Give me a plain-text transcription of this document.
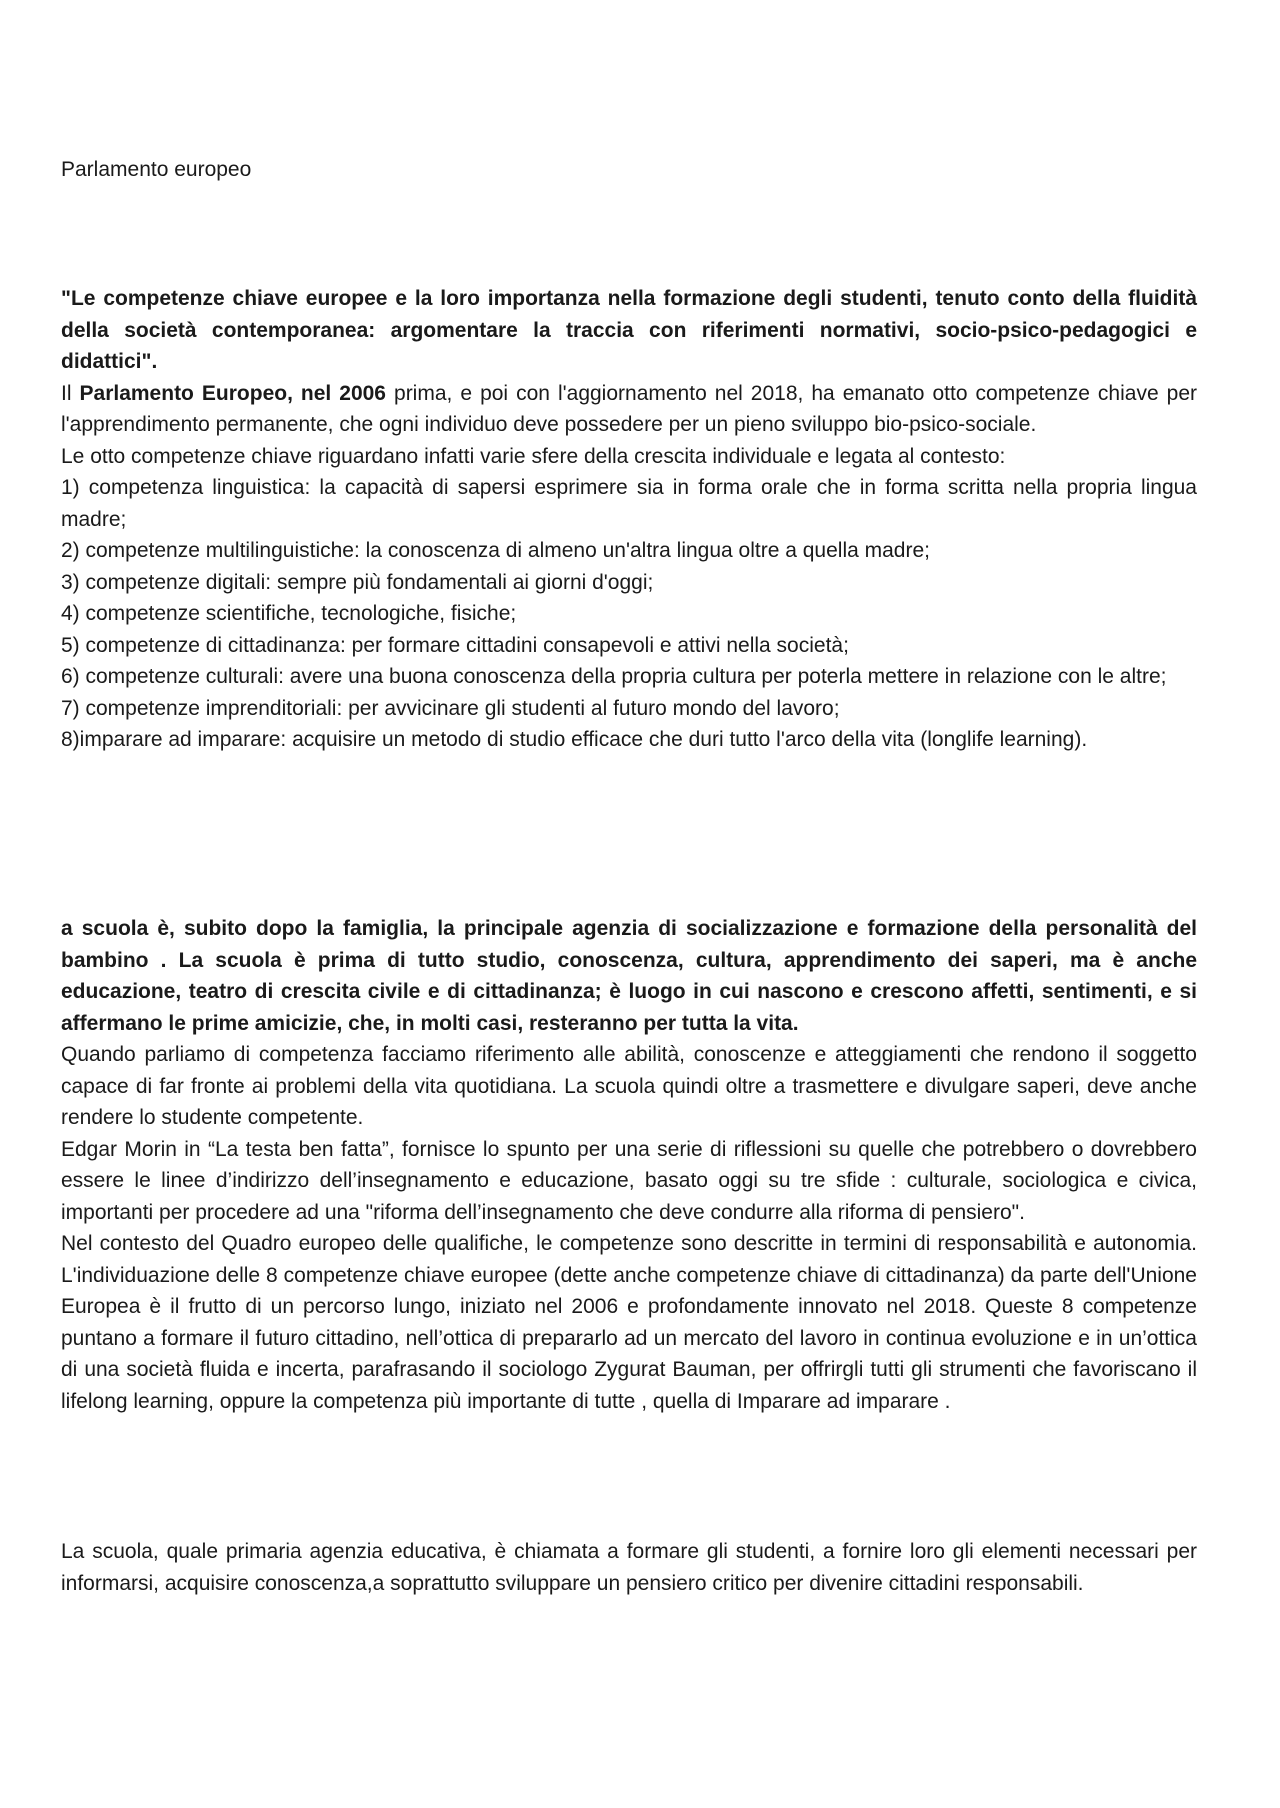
Parlamento europeo

"Le competenze chiave europee e la loro importanza nella formazione degli studenti, tenuto conto della fluidità della società contemporanea: argomentare la traccia con riferimenti normativi, socio-psico-pedagogici e didattici".

Il Parlamento Europeo, nel 2006 prima, e poi con l'aggiornamento nel 2018, ha emanato otto competenze chiave per l'apprendimento permanente, che ogni individuo deve possedere per un pieno sviluppo bio-psico-sociale.

Le otto competenze chiave riguardano infatti varie sfere della crescita individuale e legata al contesto:

1) competenza linguistica: la capacità di sapersi esprimere sia in forma orale che in forma scritta nella propria lingua madre;
2) competenze multilinguistiche: la conoscenza di almeno un'altra lingua oltre a quella madre;
3) competenze digitali: sempre più fondamentali ai giorni d'oggi;
4) competenze scientifiche, tecnologiche, fisiche;
5) competenze di cittadinanza: per formare cittadini consapevoli e attivi nella società;
6) competenze culturali: avere una buona conoscenza della propria cultura per poterla mettere in relazione con le altre;
7) competenze imprenditoriali: per avvicinare gli studenti al futuro mondo del lavoro;
8)imparare ad imparare: acquisire un metodo di studio efficace che duri tutto l'arco della vita (longlife learning).

a scuola è, subito dopo la famiglia, la principale agenzia di socializzazione e formazione della personalità del bambino . La scuola è prima di tutto studio, conoscenza, cultura, apprendimento dei saperi, ma è anche educazione, teatro di crescita civile e di cittadinanza; è luogo in cui nascono e crescono affetti, sentimenti, e si affermano le prime amicizie, che, in molti casi, resteranno per tutta la vita.

Quando parliamo di competenza facciamo riferimento alle abilità, conoscenze e atteggiamenti che rendono il soggetto capace di far fronte ai problemi della vita quotidiana. La scuola quindi oltre a trasmettere e divulgare saperi, deve anche rendere lo studente competente.

Edgar Morin in “La testa ben fatta”, fornisce lo spunto per una serie di riflessioni su quelle che potrebbero o dovrebbero essere le linee d’indirizzo dell’insegnamento e educazione, basato oggi su tre sfide : culturale, sociologica e civica, importanti per procedere ad una "riforma dell’insegnamento che deve condurre alla riforma di pensiero".

Nel contesto del Quadro europeo delle qualifiche, le competenze sono descritte in termini di responsabilità e autonomia. L'individuazione delle 8 competenze chiave europee (dette anche competenze chiave di cittadinanza) da parte dell'Unione Europea è il frutto di un percorso lungo, iniziato nel 2006 e profondamente innovato nel 2018. Queste 8 competenze puntano a formare il futuro cittadino, nell’ottica di prepararlo ad un mercato del lavoro in continua evoluzione e in un’ottica di una società fluida e incerta, parafrasando il sociologo Zygurat Bauman, per offrirgli tutti gli strumenti che favoriscano il lifelong learning, oppure la competenza più importante di tutte , quella di Imparare ad imparare .

La scuola, quale primaria agenzia educativa, è chiamata a formare gli studenti, a fornire loro gli elementi necessari per informarsi, acquisire conoscenza,a soprattutto sviluppare un pensiero critico per divenire cittadini responsabili.
